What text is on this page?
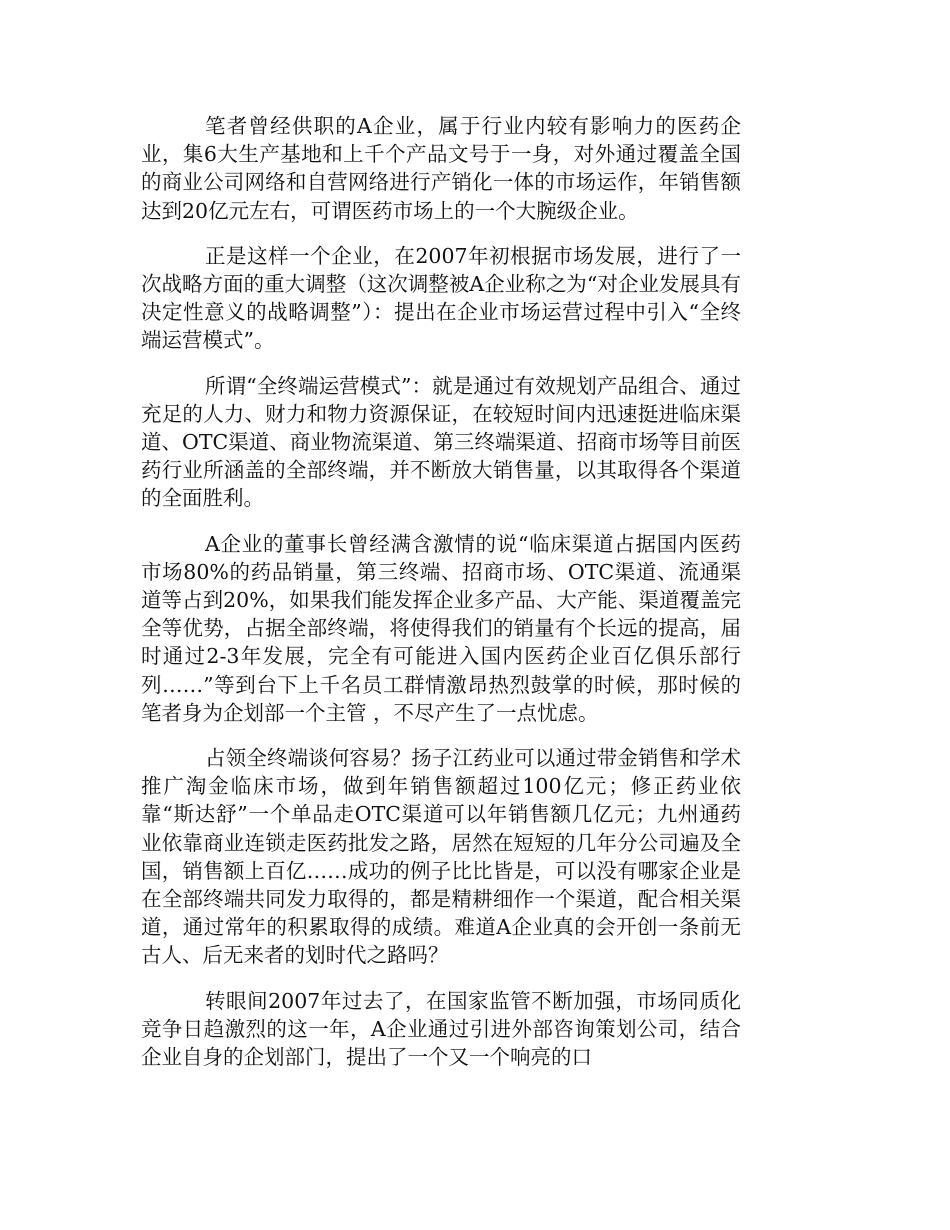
笔者曾经供职的A企业，属于行业内较有影响力的医药企业，集6大生产基地和上千个产品文号于一身，对外通过覆盖全国的商业公司网络和自营网络进行产销化一体的市场运作，年销售额达到20亿元左右，可谓医药市场上的一个大腕级企业。

正是这样一个企业，在2007年初根据市场发展，进行了一次战略方面的重大调整（这次调整被A企业称之为“对企业发展具有决定性意义的战略调整”）：提出在企业市场运营过程中引入“全终端运营模式”。

所谓“全终端运营模式”：就是通过有效规划产品组合、通过充足的人力、财力和物力资源保证，在较短时间内迅速挺进临床渠道、OTC渠道、商业物流渠道、第三终端渠道、招商市场等目前医药行业所涵盖的全部终端，并不断放大销售量，以其取得各个渠道的全面胜利。

A企业的董事长曾经满含激情的说“临床渠道占据国内医药市场80%的药品销量，第三终端、招商市场、OTC渠道、流通渠道等占到20%，如果我们能发挥企业多产品、大产能、渠道覆盖完全等优势，占据全部终端，将使得我们的销量有个长远的提高，届时通过2-3年发展，完全有可能进入国内医药企业百亿俱乐部行列……”等到台下上千名员工群情激昂热烈鼓掌的时候，那时候的笔者身为企划部一个主管 ，不尽产生了一点忧虑。

占领全终端谈何容易？扬子江药业可以通过带金销售和学术推广淘金临床市场，做到年销售额超过100亿元；修正药业依靠“斯达舒”一个单品走OTC渠道可以年销售额几亿元；九州通药业依靠商业连锁走医药批发之路，居然在短短的几年分公司遍及全国，销售额上百亿……成功的例子比比皆是，可以没有哪家企业是在全部终端共同发力取得的，都是精耕细作一个渠道，配合相关渠道，通过常年的积累取得的成绩。难道A企业真的会开创一条前无古人、后无来者的划时代之路吗？

转眼间2007年过去了，在国家监管不断加强，市场同质化竞争日趋激烈的这一年，A企业通过引进外部咨询策划公司，结合企业自身的企划部门，提出了一个又一个响亮的口
